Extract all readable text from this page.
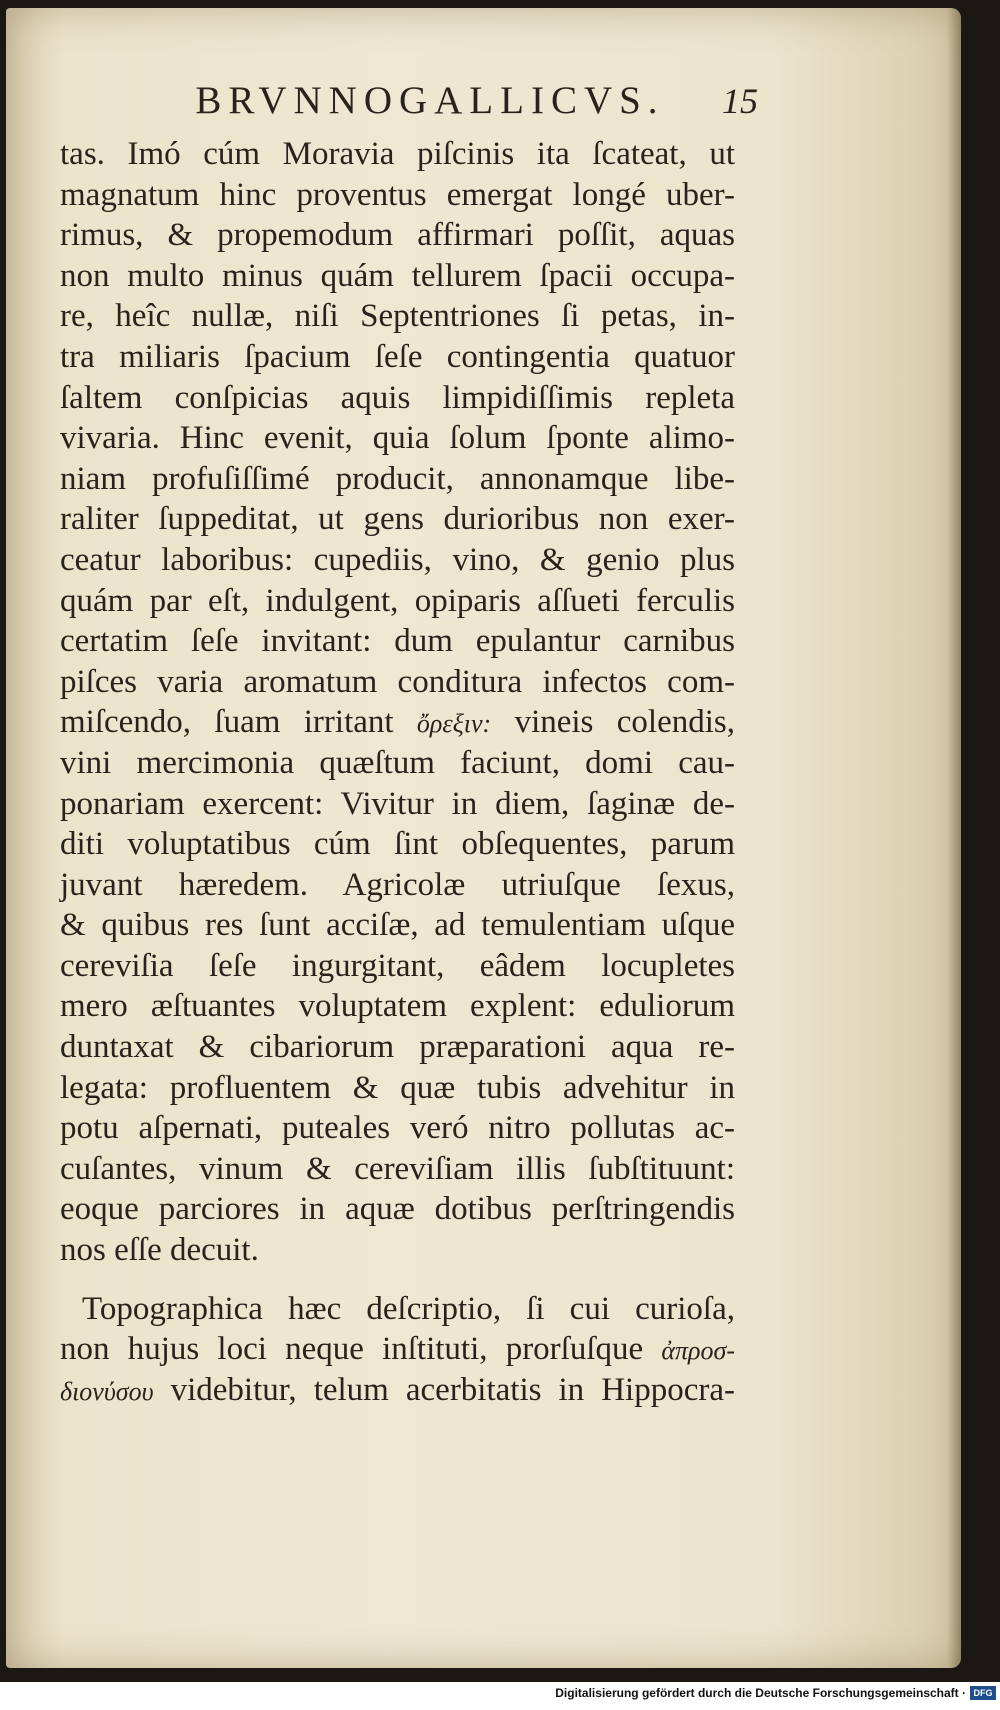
BRVNNOGALLICVS.	15
tas. Imó cúm Moravia piſcinis ita ſcateat, ut
magnatum hinc proventus emergat longé uber-
rimus, & propemodum affirmari poſſit, aquas
non multo minus quám tellurem ſpacii occupa-
re, heîc nullæ, niſi Septentriones ſi petas, in-
tra miliaris ſpacium ſeſe contingentia quatuor
ſaltem conſpicias aquis limpidiſſimis repleta
vivaria. Hinc evenit, quia ſolum ſponte alimo-
niam profuſiſſimé producit, annonamque libe-
raliter ſuppeditat, ut gens durioribus non exer-
ceatur laboribus: cupediis, vino, & genio plus
quám par eſt, indulgent, opiparis aſſueti ferculis
certatim ſeſe invitant: dum epulantur carnibus
piſces varia aromatum conditura infectos com-
miſcendo, ſuam irritant ὄρεξιν: vineis colendis,
vini mercimonia quæſtum faciunt, domi cau-
ponariam exercent: Vivitur in diem, ſaginæ de-
diti voluptatibus cúm ſint obſequentes, parum
juvant hæredem. Agricolæ utriuſque ſexus,
& quibus res ſunt acciſæ, ad temulentiam uſque
cereviſia ſeſe ingurgitant, eâdem locupletes
mero æſtuantes voluptatem explent: eduliorum
duntaxat & cibariorum præparationi aqua re-
legata: profluentem & quæ tubis advehitur in
potu aſpernati, puteales veró nitro pollutas ac-
cuſantes, vinum & cereviſiam illis ſubſtituunt:
eoque parciores in aquæ dotibus perſtringendis
nos eſſe decuit.
Topographica hæc deſcriptio, ſi cui curioſa,
non hujus loci neque inſtituti, prorſuſque ἀπροσ-
διονύσου videbitur, telum acerbitatis in Hippocra-
Digitalisierung gefördert durch die Deutsche Forschungsgemeinschaft · DFG
